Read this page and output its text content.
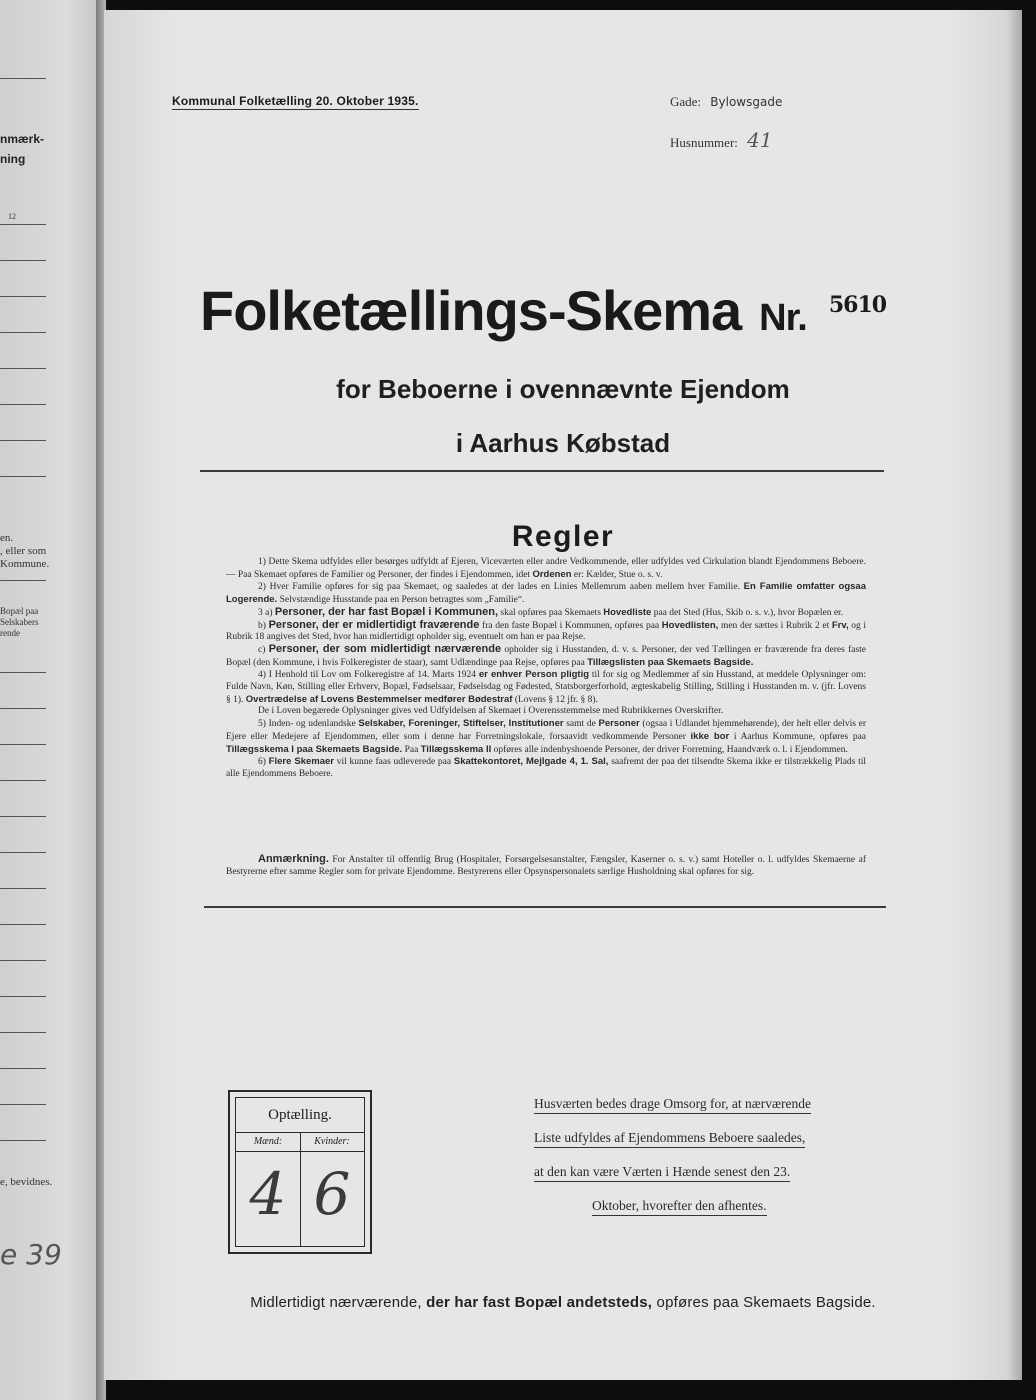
nmærk-
ning
12
en.
, eller som
Kommune.
Bopæl paa
Selskabers
rende
e, bevidnes.
e 39
Kommunal Folketælling 20. Oktober 1935.	Gade: Bylowsgade
Husnummer: 41
Folketællings-Skema Nr. $^{5610}$
for Beboerne i ovennævnte Ejendom
i Aarhus Købstad
Regler

1) Dette Skema udfyldes eller besørges udfyldt af Ejeren, Viceværten eller andre Vedkommende, eller udfyldes ved Cirkulation blandt Ejendommens Beboere. — Paa Skemaet opføres de Familier og Personer, der findes i Ejendommen, idet Ordenen er: Kælder, Stue o. s. v.

2) Hver Familie opføres for sig paa Skemaet, og saaledes at der lades en Linies Mellemrum aaben mellem hver Familie. En Familie omfatter ogsaa Logerende. Selvstændige Husstande paa en Person betragtes som „Familie“.

3 a) Personer, der har fast Bopæl i Kommunen, skal opføres paa Skemaets Hovedliste paa det Sted (Hus, Skib o. s. v.), hvor Bopælen er.

b) Personer, der er midlertidigt fraværende fra den faste Bopæl i Kommunen, opføres paa Hovedlisten, men der sættes i Rubrik 2 et Frv, og i Rubrik 18 angives det Sted, hvor han midlertidigt opholder sig, eventuelt om han er paa Rejse.

c) Personer, der som midlertidigt nærværende opholder sig i Husstanden, d. v. s. Personer, der ved Tællingen er fraværende fra deres faste Bopæl (den Kommune, i hvis Folkeregister de staar), samt Udlændinge paa Rejse, opføres paa Tillægslisten paa Skemaets Bagside.

4) I Henhold til Lov om Folkeregistre af 14. Marts 1924 er enhver Person pligtig til for sig og Medlemmer af sin Husstand, at meddele Oplysninger om: Fulde Navn, Køn, Stilling eller Erhverv, Bopæl, Fødselsaar, Fødselsdag og Fødested, Statsborgerforhold, ægteskabelig Stilling, Stilling i Husstanden m. v. (jfr. Lovens § 1). Overtrædelse af Lovens Bestemmelser medfører Bødestraf (Lovens § 12 jfr. § 8).

De i Loven begærede Oplysninger gives ved Udfyldelsen af Skemaet i Overensstemmelse med Rubrikkernes Overskrifter.

5) Inden- og udenlandske Selskaber, Foreninger, Stiftelser, Institutioner samt de Personer (ogsaa i Udlandet hjemmehørende), der helt eller delvis er Ejere eller Medejere af Ejendommen, eller som i denne har Forretningslokale, forsaavidt vedkommende Personer ikke bor i Aarhus Kommune, opføres paa Tillægsskema I paa Skemaets Bagside. Paa Tillægsskema II opføres alle indenbyshoende Personer, der driver Forretning, Haandværk o. l. i Ejendommen.

6) Flere Skemaer vil kunne faas udleverede paa Skattekontoret, Mejlgade 4, 1. Sal, saafremt der paa det tilsendte Skema ikke er tilstrækkelig Plads til alle Ejendommens Beboere.

Anmærkning. For Anstalter til offentlig Brug (Hospitaler, Forsørgelsesanstalter, Fængsler, Kaserner o. s. v.) samt Hoteller o. l. udfyldes Skemaerne af Bestyrerne efter samme Regler som for private Ejendomme. Bestyrerens eller Opsynspersonalets særlige Husholdning skal opføres for sig.

Optælling.
Mænd:
4
Kvinder:
6
Husværten bedes drage Omsorg for, at nærværende
Liste udfyldes af Ejendommens Beboere saaledes,
at den kan være Værten i Hænde senest den 23.
Oktober, hvorefter den afhentes.
Midlertidigt nærværende, der har fast Bopæl andetsteds, opføres paa Skemaets Bagside.
